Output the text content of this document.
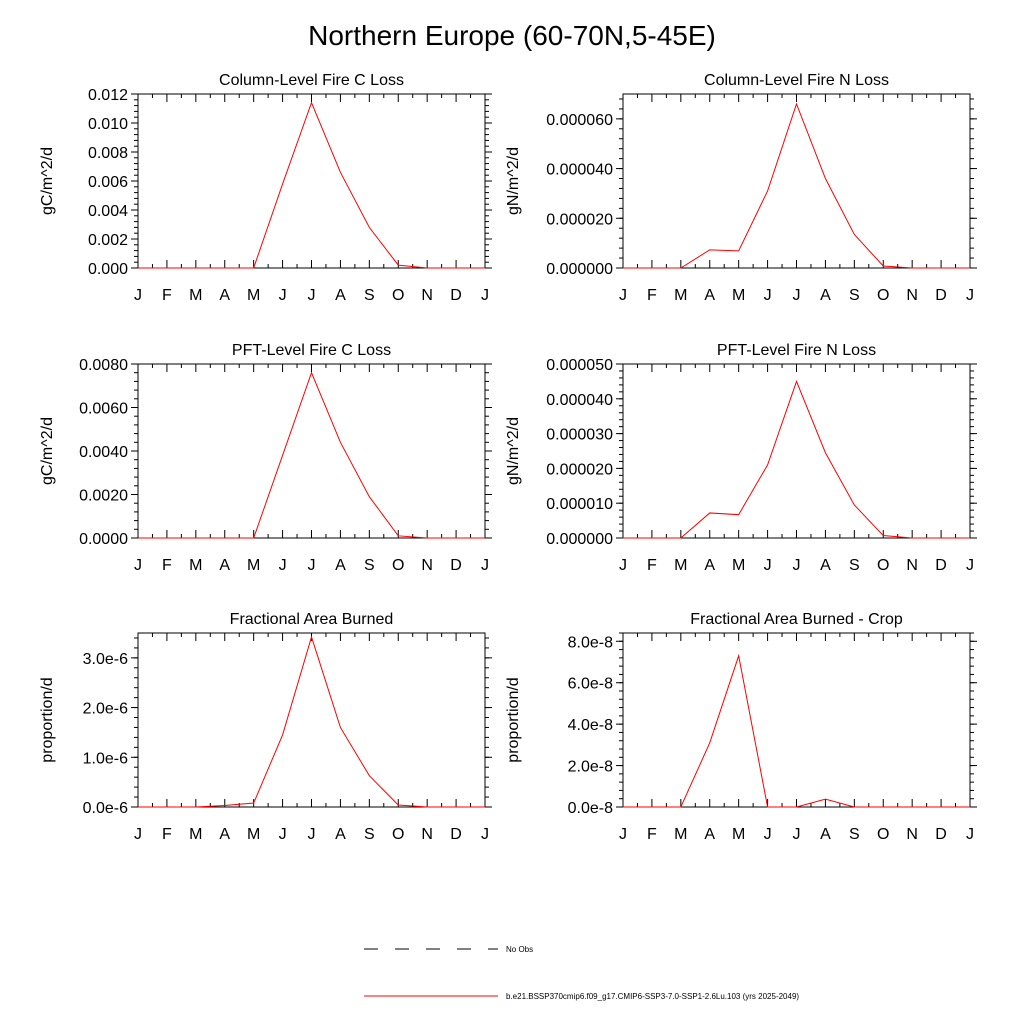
Northern Europe (60-70N,5-45E)
Column-Level Fire C Loss
gC/m^2/d
J F M A M J J A S O N D J
0.000
0.002
0.004
0.006
0.008
0.010
0.012
Column-Level Fire N Loss
gN/m^2/d
J F M A M J J A S O N D J
0.000000
0.000020
0.000040
0.000060
PFT-Level Fire C Loss
gC/m^2/d
J F M A M J J A S O N D J
0.0000
0.0020
0.0040
0.0060
0.0080
PFT-Level Fire N Loss
gN/m^2/d
J F M A M J J A S O N D J
0.000000
0.000010
0.000020
0.000030
0.000040
0.000050
Fractional Area Burned
proportion/d
J F M A M J J A S O N D J
0.0e-6
1.0e-6
2.0e-6
3.0e-6
Fractional Area Burned - Crop
proportion/d
J F M A M J J A S O N D J
0.0e-8
2.0e-8
4.0e-8
6.0e-8
8.0e-8
No Obs
b.e21.BSSP370cmip6.f09_g17.CMIP6-SSP3-7.0-SSP1-2.6Lu.103 (yrs 2025-2049)
